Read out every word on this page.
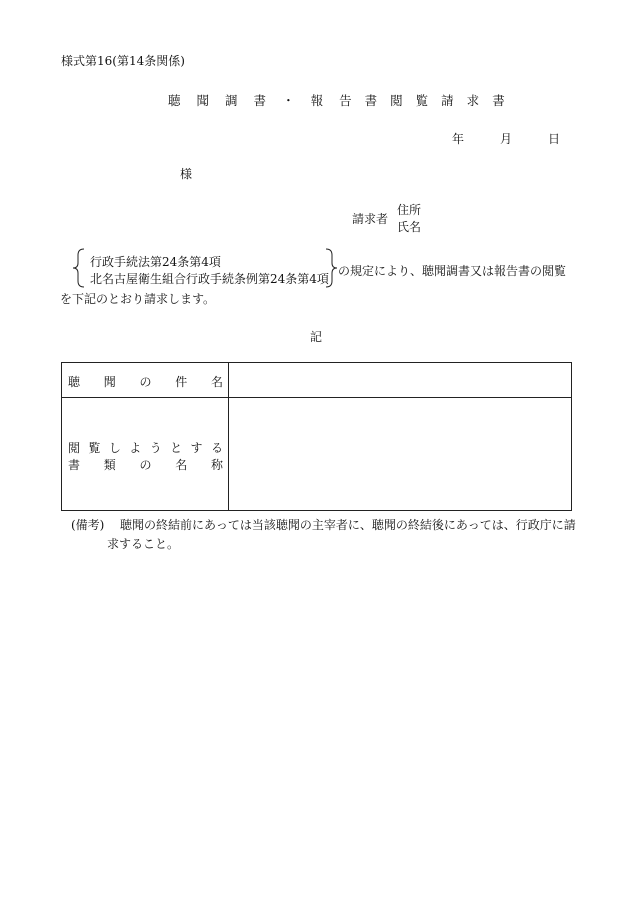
様式第16(第14条関係)
聴 聞 調 書 ・ 報 告 書 閲 覧 請 求 書
年	月	日
様
請求者
住所
氏名
行政手続法第24条第4項
北名古屋衛生組合行政手続条例第24条第4項
の規定により、聴聞調書又は報告書の閲覧
を下記のとおり請求します。
記
聴 聞 の 件 名
閲 覧 し よ う と す る
書 類 の 名 称
(備考) 聴聞の終結前にあっては当該聴聞の主宰者に、聴聞の終結後にあっては、行政庁に請
求すること。
